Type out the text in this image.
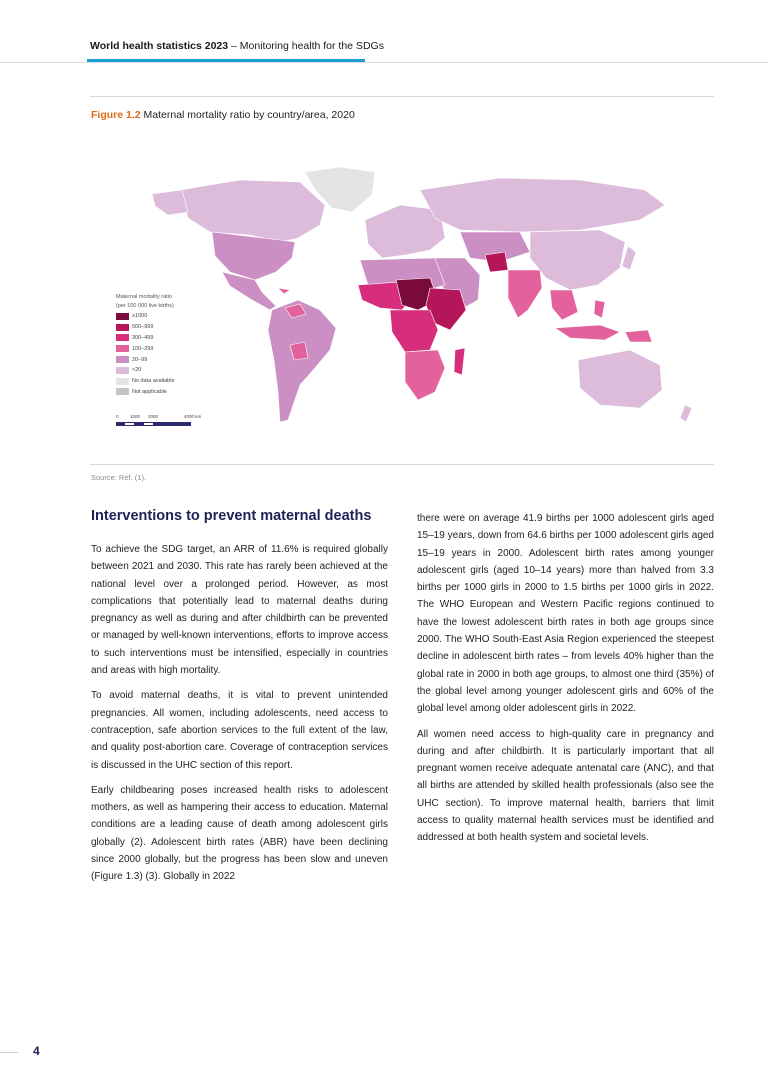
World health statistics 2023 – Monitoring health for the SDGs
Figure 1.2 Maternal mortality ratio by country/area, 2020
Maternal mortality ratio
(per 100 000 live births)
≥1000
500–999
300–499
100–299
20–99
<20
No data available
Not applicable
0	1000 2000	4000 km
Source: Ref. (1).
Interventions to prevent maternal deaths

To achieve the SDG target, an ARR of 11.6% is required globally between 2021 and 2030. This rate has rarely been achieved at the national level over a prolonged period. However, as most complications that potentially lead to maternal deaths during pregnancy as well as during and after childbirth can be prevented or managed by well-known interventions, efforts to improve access to such interventions must be intensified, especially in countries and areas with high mortality.

To avoid maternal deaths, it is vital to prevent unintended pregnancies. All women, including adolescents, need access to contraception, safe abortion services to the full extent of the law, and quality post-abortion care. Coverage of contraception services is discussed in the UHC section of this report.

Early childbearing poses increased health risks to adolescent mothers, as well as hampering their access to education. Maternal conditions are a leading cause of death among adolescent girls globally (2). Adolescent birth rates (ABR) have been declining since 2000 globally, but the progress has been slow and uneven (Figure 1.3) (3). Globally in 2022

there were on average 41.9 births per 1000 adolescent girls aged 15–19 years, down from 64.6 births per 1000 adolescent girls aged 15–19 years in 2000. Adolescent birth rates among younger adolescent girls (aged 10–14 years) more than halved from 3.3 births per 1000 girls in 2000 to 1.5 births per 1000 girls in 2022. The WHO European and Western Pacific regions continued to have the lowest adolescent birth rates in both age groups since 2000. The WHO South-East Asia Region experienced the steepest decline in adolescent birth rates – from levels 40% higher than the global rate in 2000 in both age groups, to almost one third (35%) of the global level among younger adolescent girls and 60% of the global level among older adolescent girls in 2022.

All women need access to high-quality care in pregnancy and during and after childbirth. It is particularly important that all pregnant women receive adequate antenatal care (ANC), and that all births are attended by skilled health professionals (also see the UHC section). To improve maternal health, barriers that limit access to quality maternal health services must be identified and addressed at both health system and societal levels.

4
